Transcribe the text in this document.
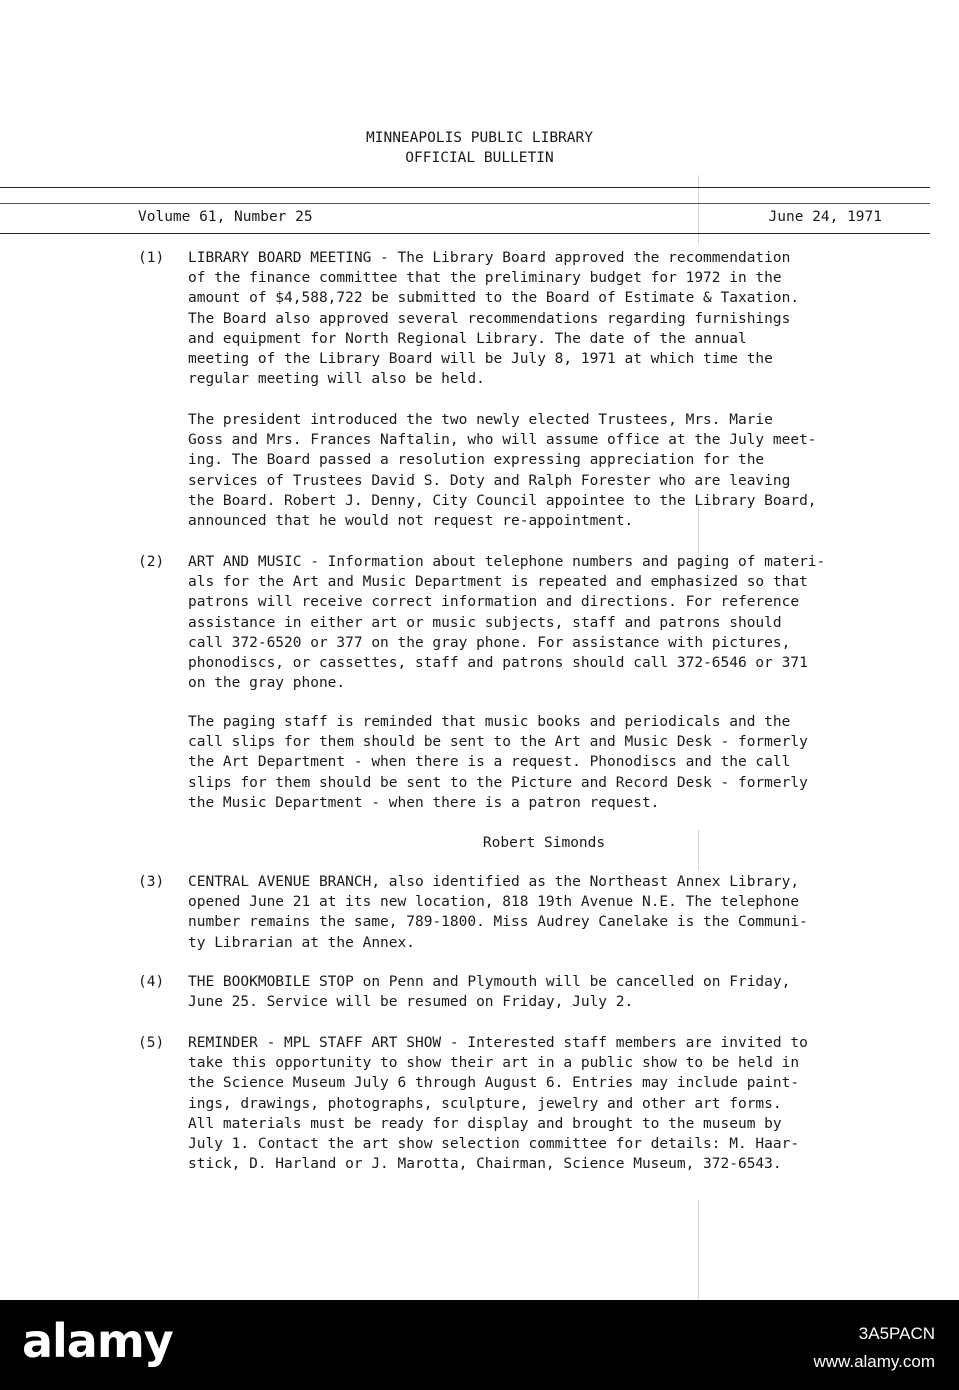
MINNEAPOLIS PUBLIC LIBRARY
OFFICIAL BULLETIN
Volume 61, Number 25	June 24, 1971
(1)	LIBRARY BOARD MEETING - The Library Board approved the recommendation
of the finance committee that the preliminary budget for 1972 in the
amount of $4,588,722 be submitted to the Board of Estimate & Taxation.
The Board also approved several recommendations regarding furnishings
and equipment for North Regional Library. The date of the annual
meeting of the Library Board will be July 8, 1971 at which time the
regular meeting will also be held.
The president introduced the two newly elected Trustees, Mrs. Marie
Goss and Mrs. Frances Naftalin, who will assume office at the July meet-
ing. The Board passed a resolution expressing appreciation for the
services of Trustees David S. Doty and Ralph Forester who are leaving
the Board. Robert J. Denny, City Council appointee to the Library Board,
announced that he would not request re-appointment.
(2)	ART AND MUSIC - Information about telephone numbers and paging of materi-
als for the Art and Music Department is repeated and emphasized so that
patrons will receive correct information and directions. For reference
assistance in either art or music subjects, staff and patrons should
call 372-6520 or 377 on the gray phone. For assistance with pictures,
phonodiscs, or cassettes, staff and patrons should call 372-6546 or 371
on the gray phone.
The paging staff is reminded that music books and periodicals and the
call slips for them should be sent to the Art and Music Desk - formerly
the Art Department - when there is a request. Phonodiscs and the call
slips for them should be sent to the Picture and Record Desk - formerly
the Music Department - when there is a patron request.
Robert Simonds
(3)	CENTRAL AVENUE BRANCH, also identified as the Northeast Annex Library,
opened June 21 at its new location, 818 19th Avenue N.E. The telephone
number remains the same, 789-1800. Miss Audrey Canelake is the Communi-
ty Librarian at the Annex.
(4)	THE BOOKMOBILE STOP on Penn and Plymouth will be cancelled on Friday,
June 25. Service will be resumed on Friday, July 2.
(5)	REMINDER - MPL STAFF ART SHOW - Interested staff members are invited to
take this opportunity to show their art in a public show to be held in
the Science Museum July 6 through August 6. Entries may include paint-
ings, drawings, photographs, sculpture, jewelry and other art forms.
All materials must be ready for display and brought to the museum by
July 1. Contact the art show selection committee for details: M. Haar-
stick, D. Harland or J. Marotta, Chairman, Science Museum, 372-6543.
alamy	3A5PACN
www.alamy.com
